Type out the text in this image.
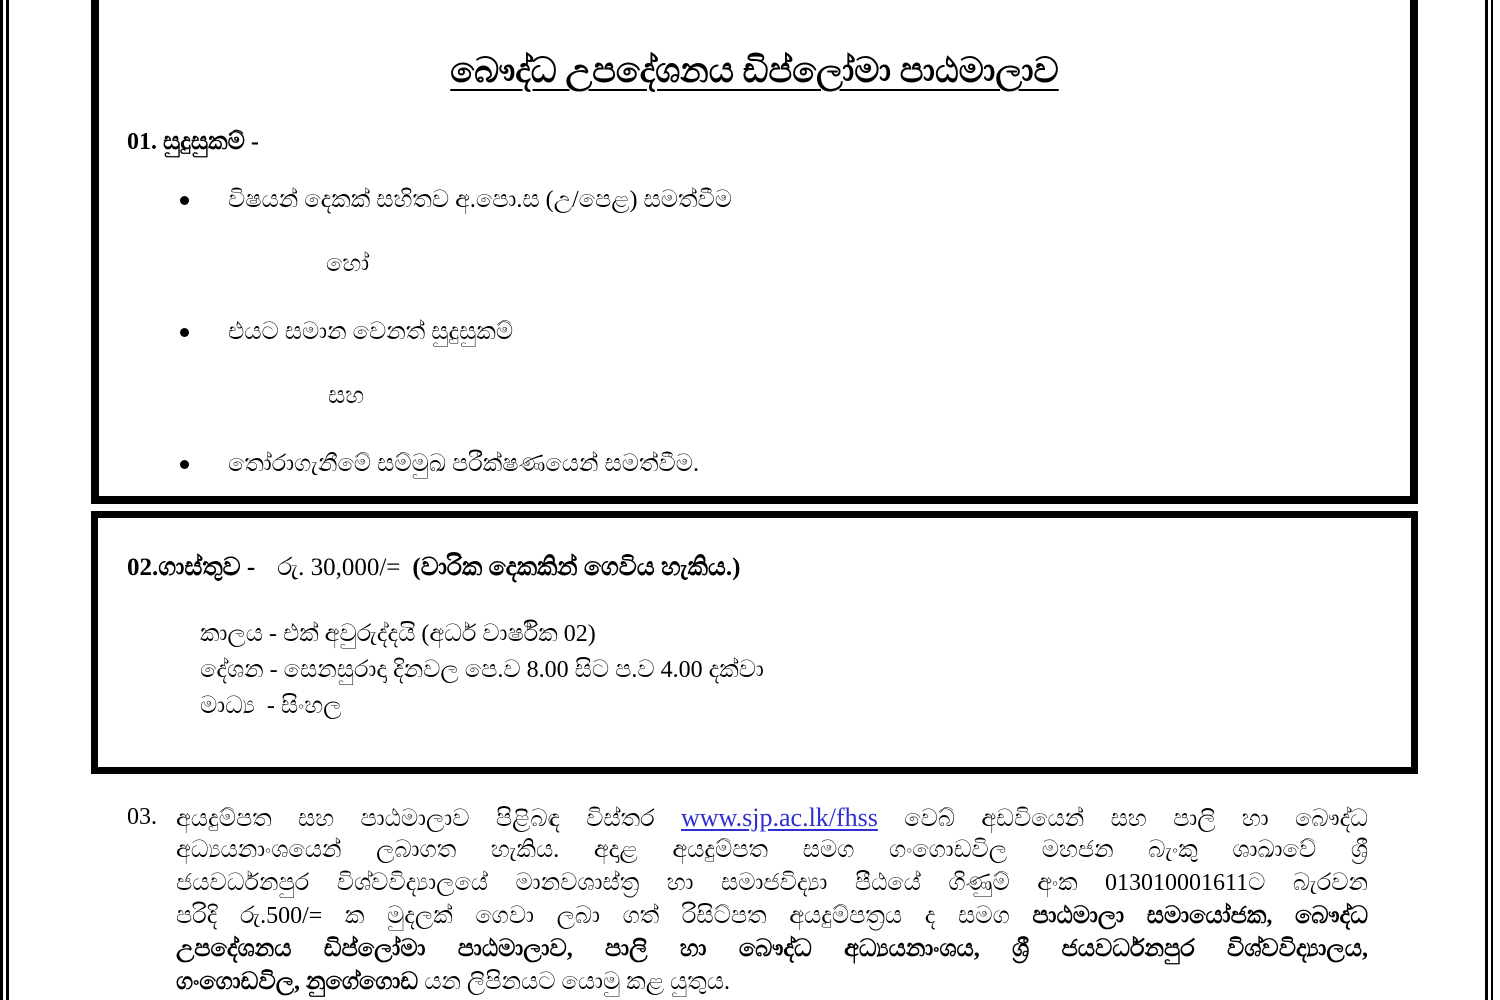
බෞද්ධ උපදේශනය ඩිප්ලෝමා පාඨමාලාව
01. සුදුසුකම් -
විෂයන් දෙකක් සහිතව අ.පො.ස (උ/පෙළ) සමත්වීම
හෝ
එයට සමාන වෙනත් සුදුසුකම්
සහ
තෝරාගැනීමේ සම්මුඛ පරීක්ෂණයෙන් සමත්වීම.
02.ගාස්තුව - රු. 30,000/= (වාරික දෙකකින් ගෙවිය හැකිය.)
කාලය - එක් අවුරුද්දයි (අර්ධ වාර්ෂික 02)
දේශන - සෙනසුරාදා දිනවල පෙ.ව 8.00 සිට ප.ව 4.00 දක්වා
මාධ්‍ය  - සිංහල
03. අයදුම්පත සහ පාඨමාලාව පිළිබඳ විස්තර www.sjp.ac.lk/fhss වෙබ් අඩවියෙන් සහ පාලි හා බෞද්ධ
අධ්‍යයනාංශයෙන් ලබාගත හැකිය. අදාළ අයදුම්පත සමග ගංගොඩවිල මහජන බැංකු ශාඛාවේ ශ්‍රී
ජයවර්ධනපුර විශ්වවිද්‍යාලයේ මානවශාස්ත්‍ර හා සමාජවිද්‍යා පීඨයේ ගිණුම් අංක 013010001611ට බැරවන
පරිදි රු.500/= ක මුදලක් ගෙවා ලබා ගත් රිසිට්පත අයදුම්පත්‍රය ද සමග පාඨමාලා සමායෝජක, බෞද්ධ
උපදේශනය ඩිප්ලෝමා පාඨමාලාව, පාලි හා බෞද්ධ අධ්‍යයනාංශය, ශ්‍රී ජයවර්ධනපුර විශ්වවිද්‍යාලය,
ගංගොඩවිල, නුගේගොඩ යන ලිපිනයට යොමු කළ යුතුය.
